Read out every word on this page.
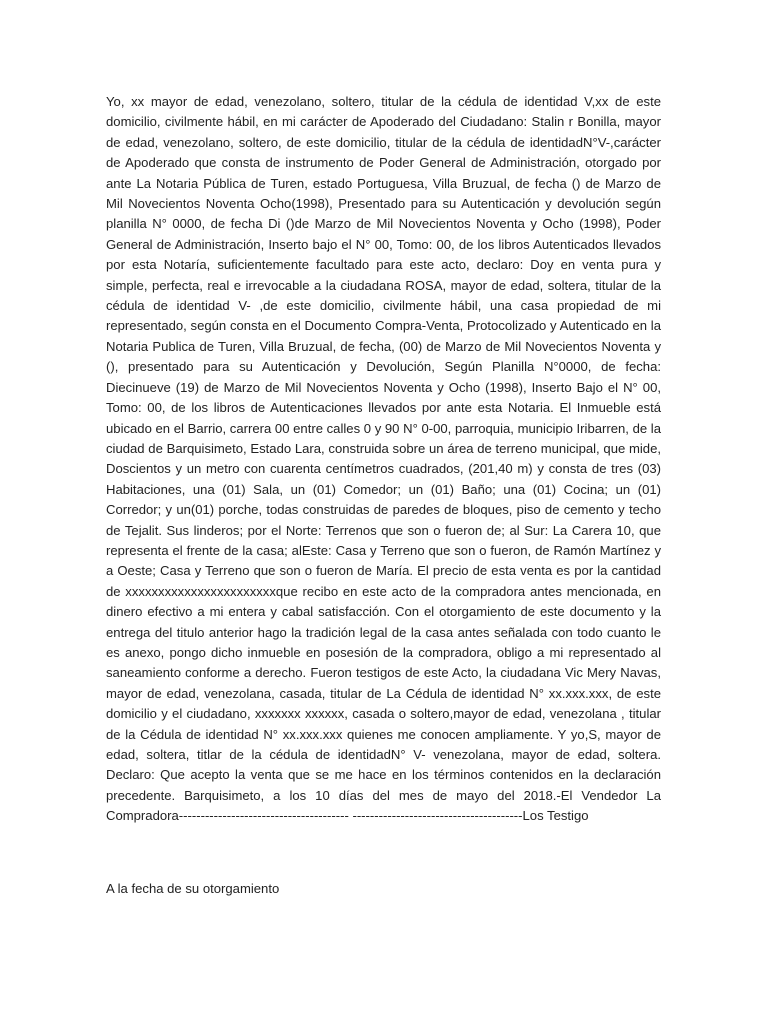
Yo, xx mayor de edad, venezolano, soltero, titular de la cédula de identidad V,xx de este domicilio, civilmente hábil, en mi carácter de Apoderado del Ciudadano: Stalin r Bonilla, mayor de edad, venezolano, soltero, de este domicilio, titular de la cédula de identidadN°V-,carácter de Apoderado que consta de instrumento de Poder General de Administración, otorgado por ante La Notaria Pública de Turen, estado Portuguesa, Villa Bruzual, de fecha () de Marzo de Mil Novecientos Noventa Ocho(1998), Presentado para su Autenticación y devolución según planilla N° 0000, de fecha Di ()de Marzo de Mil Novecientos Noventa y Ocho (1998), Poder General de Administración, Inserto bajo el N° 00, Tomo: 00, de los libros Autenticados llevados por esta Notaría, suficientemente facultado para este acto, declaro: Doy en venta pura y simple, perfecta, real e irrevocable a la ciudadana ROSA, mayor de edad, soltera, titular de la cédula de identidad V- ,de este domicilio, civilmente hábil, una casa propiedad de mi representado, según consta en el Documento Compra-Venta, Protocolizado y Autenticado en la Notaria Publica de Turen, Villa Bruzual, de fecha, (00) de Marzo de Mil Novecientos Noventa y (), presentado para su Autenticación y Devolución, Según Planilla N°0000, de fecha: Diecinueve (19) de Marzo de Mil Novecientos Noventa y Ocho (1998), Inserto Bajo el N° 00, Tomo: 00, de los libros de Autenticaciones llevados por ante esta Notaria. El Inmueble está ubicado en el Barrio, carrera 00 entre calles 0 y 90 N° 0-00, parroquia, municipio Iribarren, de la ciudad de Barquisimeto, Estado Lara, construida sobre un área de terreno municipal, que mide, Doscientos y un metro con cuarenta centímetros cuadrados, (201,40 m) y consta de tres (03) Habitaciones, una (01) Sala, un (01) Comedor; un (01) Baño; una (01) Cocina; un (01) Corredor; y un(01) porche, todas construidas de paredes de bloques, piso de cemento y techo de Tejalit. Sus linderos; por el Norte: Terrenos que son o fueron de; al Sur: La Carera 10, que representa el frente de la casa; alEste: Casa y Terreno que son o fueron, de Ramón Martínez y a Oeste; Casa y Terreno que son o fueron de María. El precio de esta venta es por la cantidad de xxxxxxxxxxxxxxxxxxxxxxxque recibo en este acto de la compradora antes mencionada, en dinero efectivo a mi entera y cabal satisfacción. Con el otorgamiento de este documento y la entrega del titulo anterior hago la tradición legal de la casa antes señalada con todo cuanto le es anexo, pongo dicho inmueble en posesión de la compradora, obligo a mi representado al saneamiento conforme a derecho. Fueron testigos de este Acto, la ciudadana Vic Mery Navas, mayor de edad, venezolana, casada, titular de La Cédula de identidad N° xx.xxx.xxx, de este domicilio y el ciudadano, xxxxxxx xxxxxx, casada o soltero,mayor de edad, venezolana , titular de la Cédula de identidad N° xx.xxx.xxx quienes me conocen ampliamente. Y yo,S, mayor de edad, soltera, titlar de la cédula de identidadN° V- venezolana, mayor de edad, soltera. Declaro: Que acepto la venta que se me hace en los términos contenidos en la declaración precedente. Barquisimeto, a los 10 días del mes de mayo del 2018.-El Vendedor La Compradora--------------------------------------- ---------------------------------------Los Testigo
A la fecha de su otorgamiento
